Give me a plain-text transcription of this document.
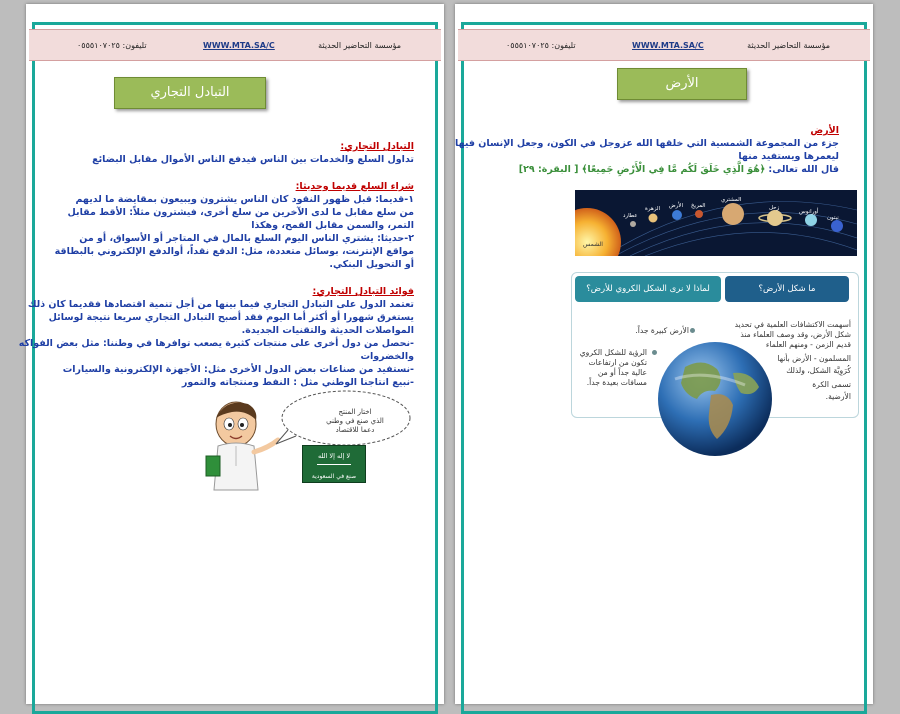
مؤسسة التحاضير الحديثة
WWW.MTA.SA/C
تليفون: ٠٥٥٥١٠٧٠٢٥
التبادل التجاري
التبادل التجاري:
تداول السلع والخدمات بين الناس فيدفع الناس الأموال مقابل البضائع
شراء السلع قديما وحديثا:
١-قديما: قبل ظهور النقود كان الناس يشترون ويبيعون بمقايضة ما لديهم
من سلع مقابل ما لدى الآخرين من سلع أخرى، فيشترون مثلاً: الأقط مقابل
التمر، والسمن مقابل القمح، وهكذا
٢-حديثا: يشتري الناس اليوم السلع بالمال في المتاجر أو الأسواق، أو من
مواقع الإنترنت، بوسائل متعددة، مثل: الدفع نقداً، أوالدفع الإلكتروني بالبطاقة
أو التحويل البنكي.
فوائد التبادل التجاري:
تعتمد الدول على التبادل التجاري فيما بينها من أجل تنمية اقتصادها فقديما كان ذلك
يستغرق شهورا أو أكثر أما اليوم فقد أصبح التبادل التجاري سريعا نتيجة لوسائل
المواصلات الحديثة والتقنيات الجديدة.
-نحصل من دول أخرى على منتجات كثيرة يصعب توافرها في وطننا: مثل بعض الفواكه
والخضروات
-نستفيد من صناعات بعض الدول الأخرى مثل: الأجهزة الإلكترونية والسيارات
-نبيع انتاجنا الوطني مثل : النفط ومنتجاته والتمور
اختار المنتج
الذي صنع في وطني
دعما للاقتصاد
لا إله إلا الله
صنع في السعودية
مؤسسة التحاضير الحديثة
WWW.MTA.SA/C
تليفون: ٠٥٥٥١٠٧٠٢٥
الأرض
الأرض
جزء من المجموعة الشمسية التي خلقها الله عزوجل في الكون، وجعل الإنسان فيها
ليعمرها ويستفيد منها
قال الله تعالى: ﴿هُوَ الَّذِي خَلَقَ لَكُم مَّا فِي الْأَرْضِ جَمِيعًا﴾ [ البقرة: ٢٩]
الشمس
عطارد
الزهرة الأرض المريخ
المشتري
زحل
أورانوس
نبتون
ما شكل الأرض؟
لماذا لا نرى الشكل الكروي للأرض؟
الأرض كبيرة جداً.
الرؤية للشكل الكروي
تكون من ارتفاعات
عالية جداً أو من
مسافات بعيدة جداً.
أسهمت الاكتشافات العلمية في تحديد
شكل الأرض، وقد وصف العلماء منذ
قديم الزمن - ومنهم العلماء
المسلمون - الأرض بأنها
كُرَوِيَّة الشكل، ولذلك
تسمى الكرة
الأرضية.
